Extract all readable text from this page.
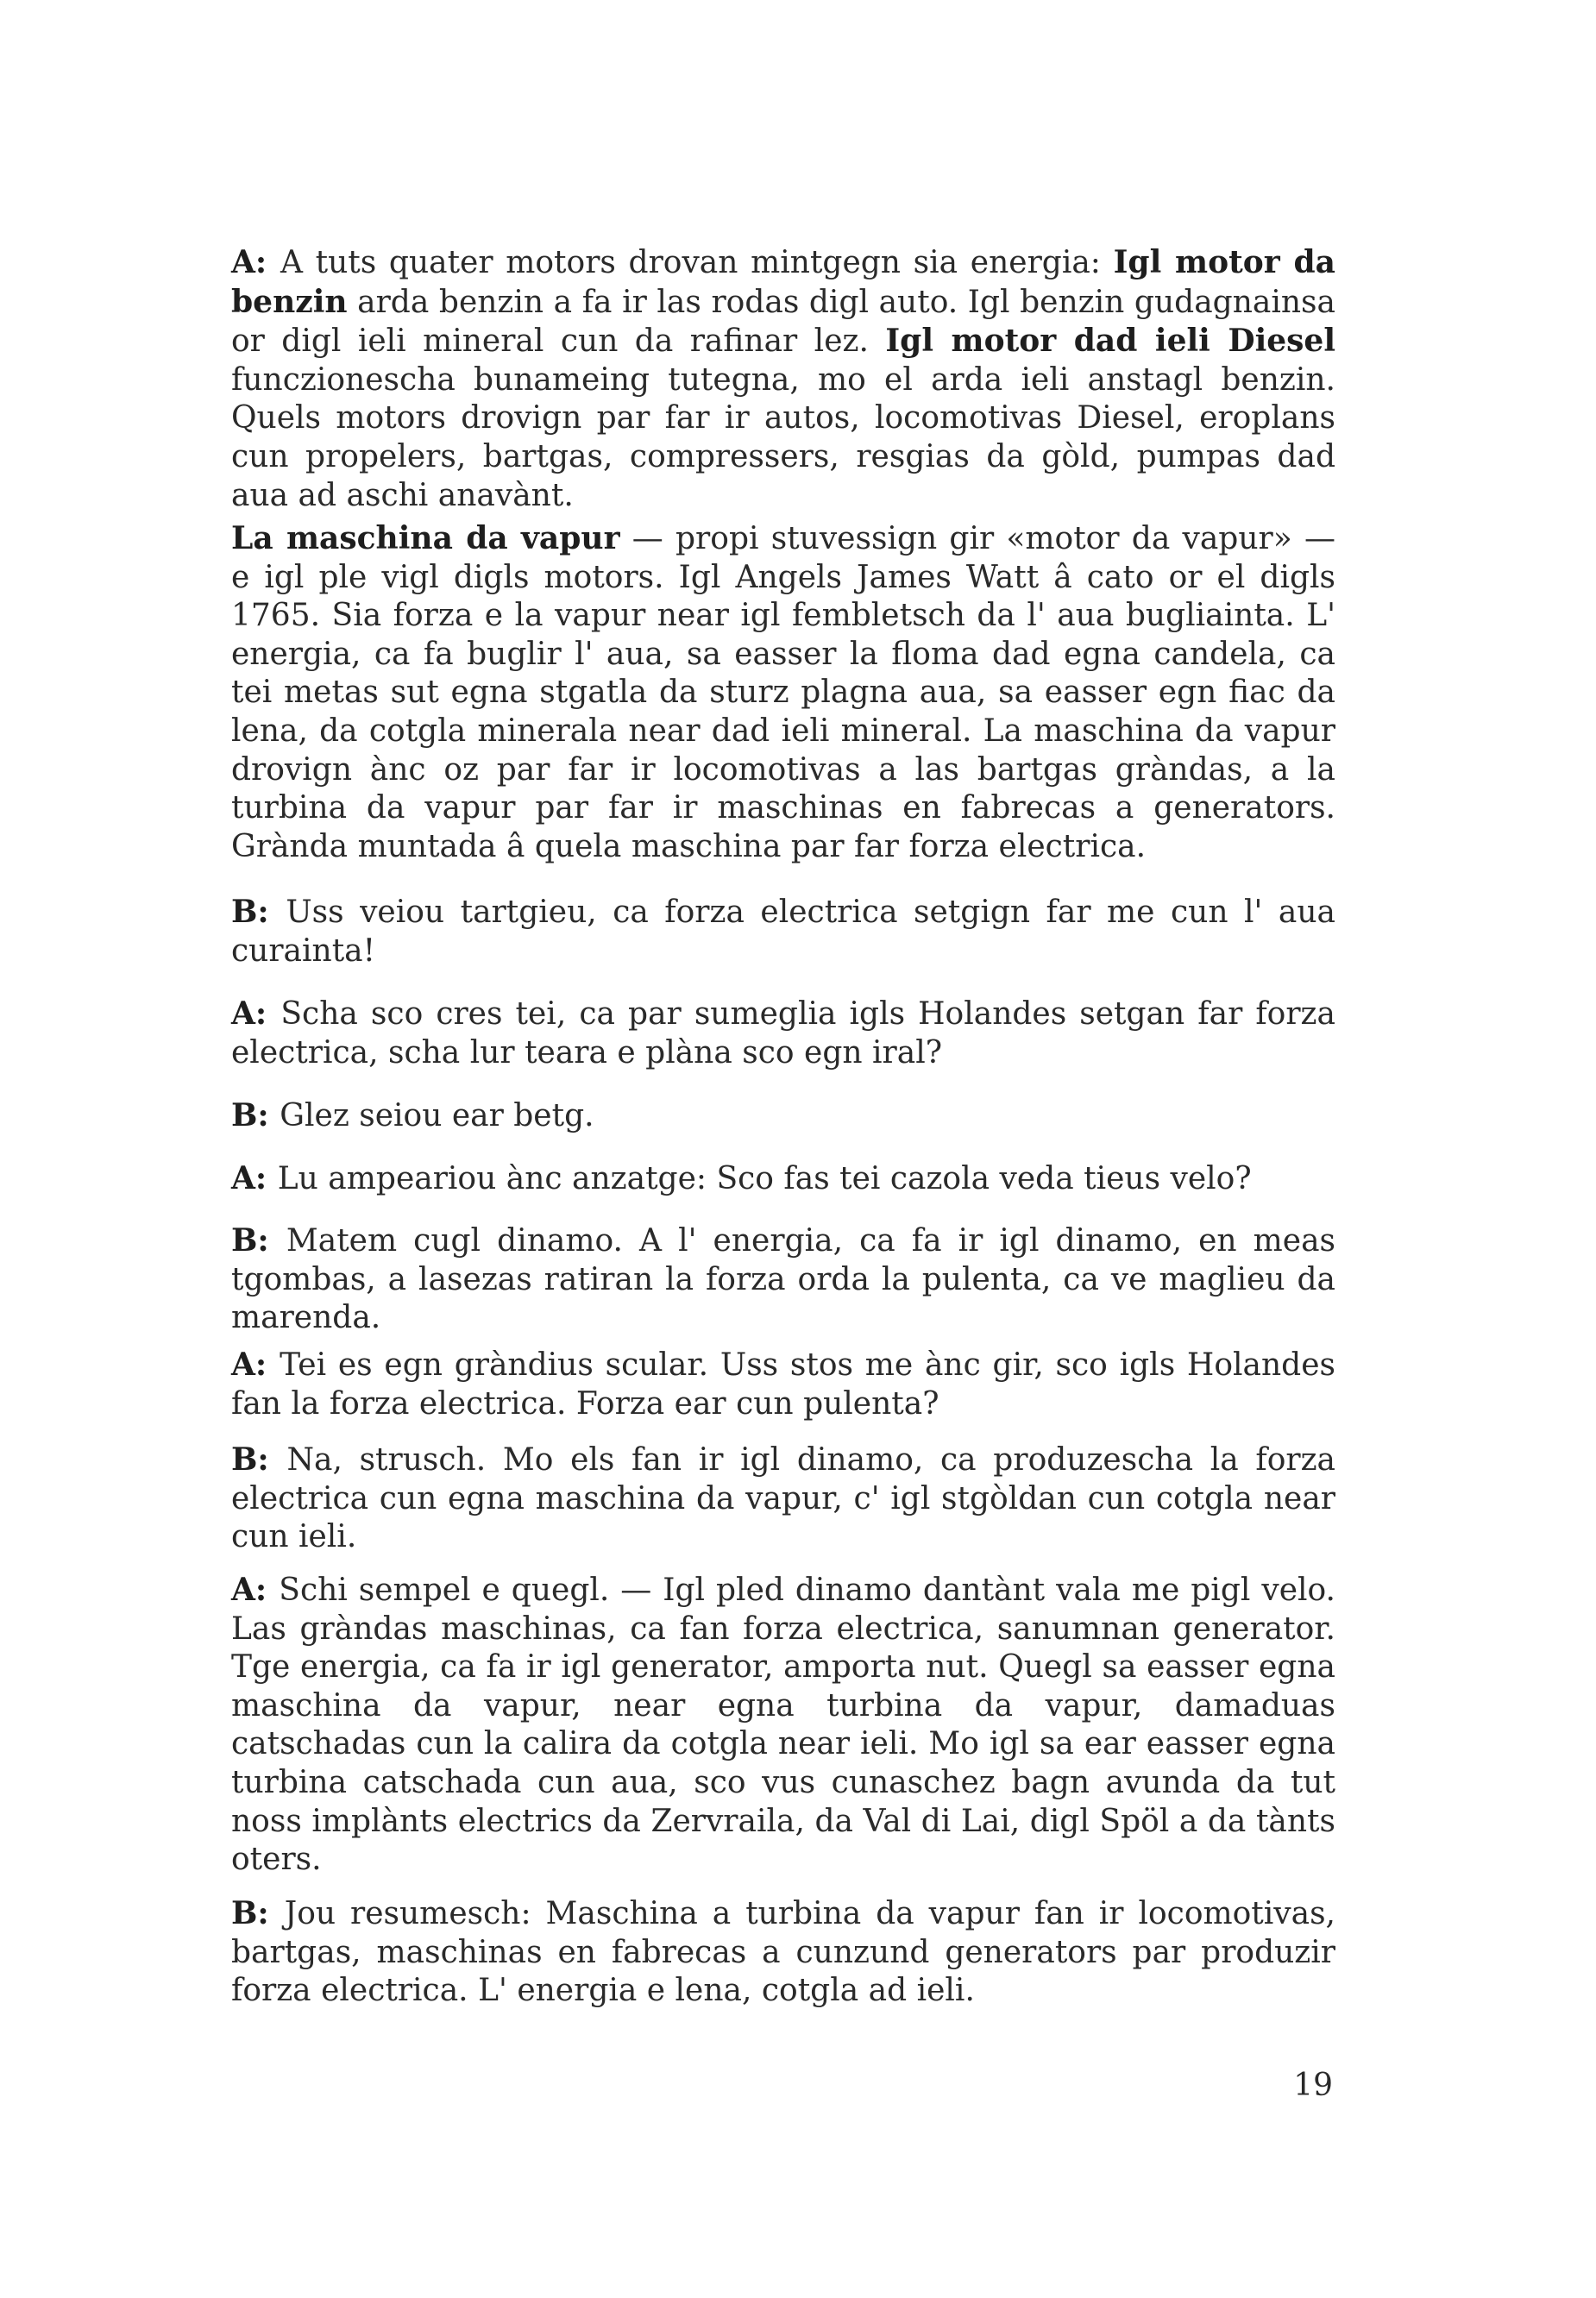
A: A tuts quater motors drovan mintgegn sia energia: Igl motor da benzin arda benzin a fa ir las rodas digl auto. Igl benzin gudagnainsa or digl ieli mineral cun da rafinar lez. Igl motor dad ieli Diesel funczionescha bunameing tutegna, mo el arda ieli anstagl benzin. Quels motors drovign par far ir autos, locomotivas Diesel, eroplans cun propelers, bartgas, compressers, resgias da gòld, pumpas dad aua ad aschi anavànt.

La maschina da vapur — propi stuvessign gir «motor da vapur» — e igl ple vigl digls motors. Igl Angels James Watt â cato or el digls 1765. Sia forza e la vapur near igl fembletsch da l' aua bugliainta. L' energia, ca fa buglir l' aua, sa easser la floma dad egna candela, ca tei metas sut egna stgatla da sturz plagna aua, sa easser egn fiac da lena, da cotgla minerala near dad ieli mineral. La maschina da vapur drovign ànc oz par far ir locomotivas a las bartgas gràndas, a la turbina da vapur par far ir maschinas en fabrecas a generators. Grànda muntada â quela maschina par far forza electrica.

B: Uss veiou tartgieu, ca forza electrica setgign far me cun l' aua curainta!

A: Scha sco cres tei, ca par sumeglia igls Holandes setgan far forza electrica, scha lur teara e plàna sco egn iral?

B: Glez seiou ear betg.

A: Lu ampeariou ànc anzatge: Sco fas tei cazola veda tieus velo?

B: Matem cugl dinamo. A l' energia, ca fa ir igl dinamo, en meas tgombas, a lasezas ratiran la forza orda la pulenta, ca ve maglieu da marenda.

A: Tei es egn gràndius scular. Uss stos me ànc gir, sco igls Holandes fan la forza electrica. Forza ear cun pulenta?

B: Na, strusch. Mo els fan ir igl dinamo, ca produzescha la forza electrica cun egna maschina da vapur, c' igl stgòldan cun cotgla near cun ieli.

A: Schi sempel e quegl. — Igl pled dinamo dantànt vala me pigl velo. Las gràndas maschinas, ca fan forza electrica, sanumnan generator. Tge energia, ca fa ir igl generator, amporta nut. Quegl sa easser egna maschina da vapur, near egna turbina da vapur, damaduas catschadas cun la calira da cotgla near ieli. Mo igl sa ear easser egna turbina catschada cun aua, sco vus cunaschez bagn avunda da tut noss implànts electrics da Zervraila, da Val di Lai, digl Spöl a da tànts oters.

B: Jou resumesch: Maschina a turbina da vapur fan ir locomotivas, bartgas, maschinas en fabrecas a cunzund generators par produzir forza electrica. L' energia e lena, cotgla ad ieli.

19
